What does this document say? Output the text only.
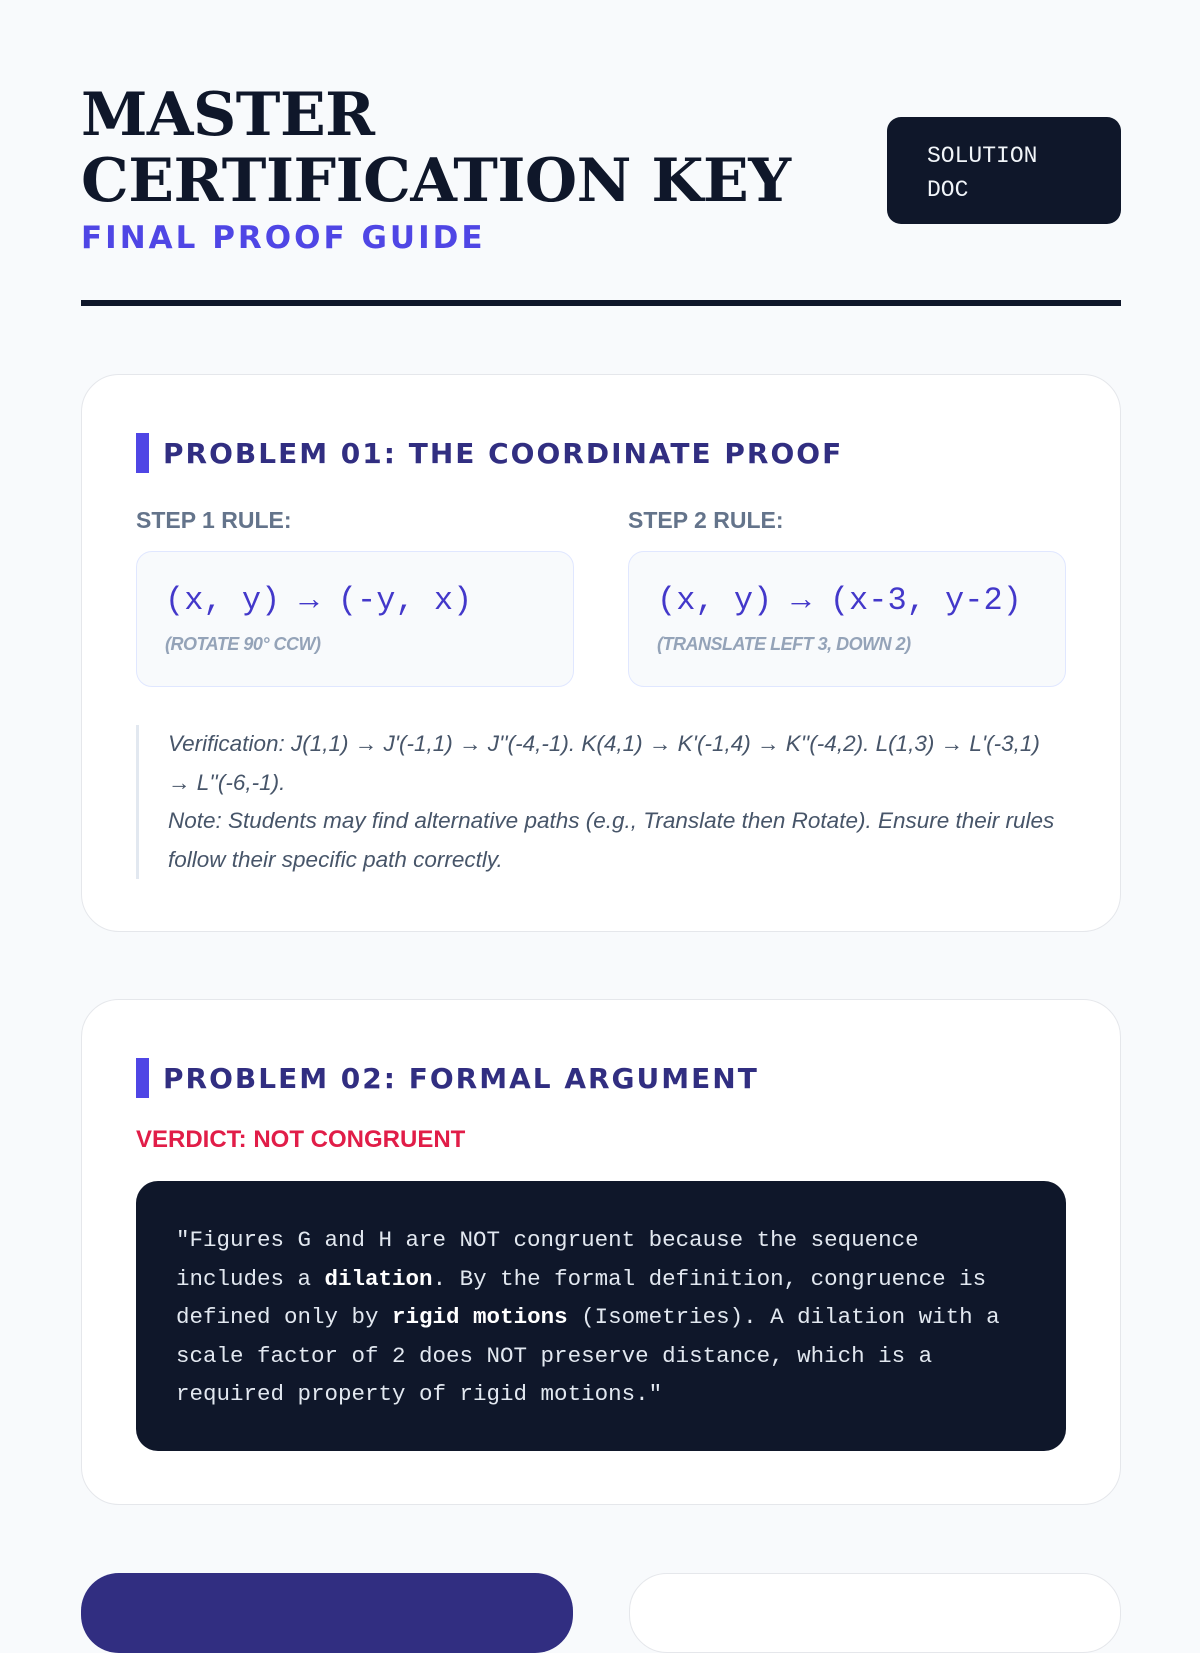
MASTER CERTIFICATION KEY
FINAL PROOF GUIDE
SOLUTION
DOC
PROBLEM 01: THE COORDINATE PROOF
STEP 1 RULE:
(x, y) → (-y, x)
(ROTATE 90° CCW)
STEP 2 RULE:
(x, y) → (x-3, y-2)
(TRANSLATE LEFT 3, DOWN 2)

Verification: J(1,1) → J'(-1,1) → J''(-4,-1). K(4,1) → K'(-1,4) → K''(-4,2). L(1,3) → L'(-3,1) → L''(-6,-1).

Note: Students may find alternative paths (e.g., Translate then Rotate). Ensure their rules follow their specific path correctly.

PROBLEM 02: FORMAL ARGUMENT
VERDICT: NOT CONGRUENT
"Figures G and H are NOT congruent because the sequence includes a dilation. By the formal definition, congruence is defined only by rigid motions (Isometries). A dilation with a scale factor of 2 does NOT preserve distance, which is a required property of rigid motions."
